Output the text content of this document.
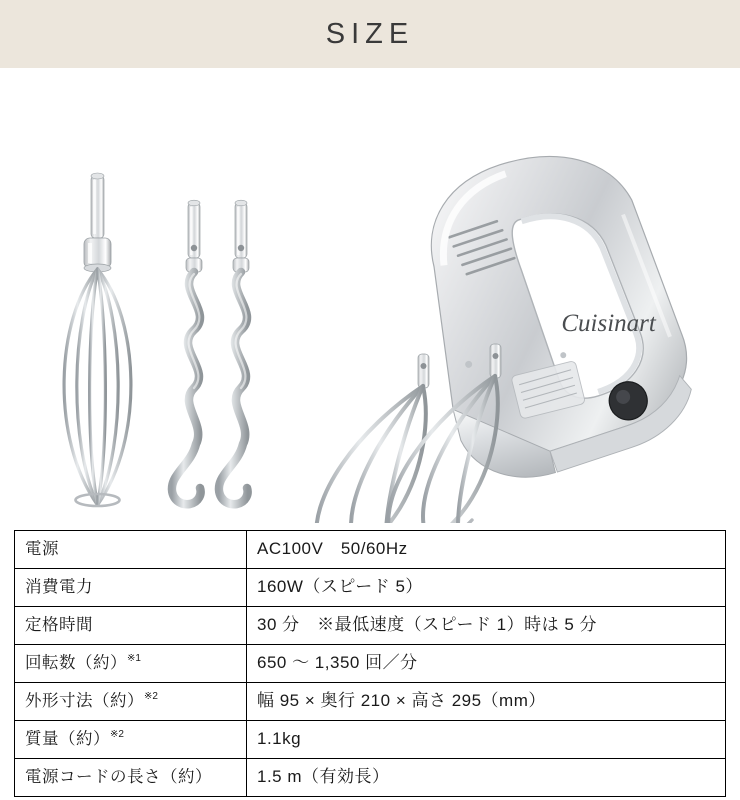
SIZE
Cuisinart
電源	AC100V　50/60Hz
消費電力	160W（スピード 5）
定格時間	30 分　※最低速度（スピード 1）時は 5 分
回転数（約）$^{※1}$	650 〜 1,350 回／分
外形寸法（約）$^{※2}$	幅 95 × 奥行 210 × 高さ 295（mm）
質量（約）$^{※2}$	1.1kg
電源コードの長さ（約）	1.5 m（有効長）
